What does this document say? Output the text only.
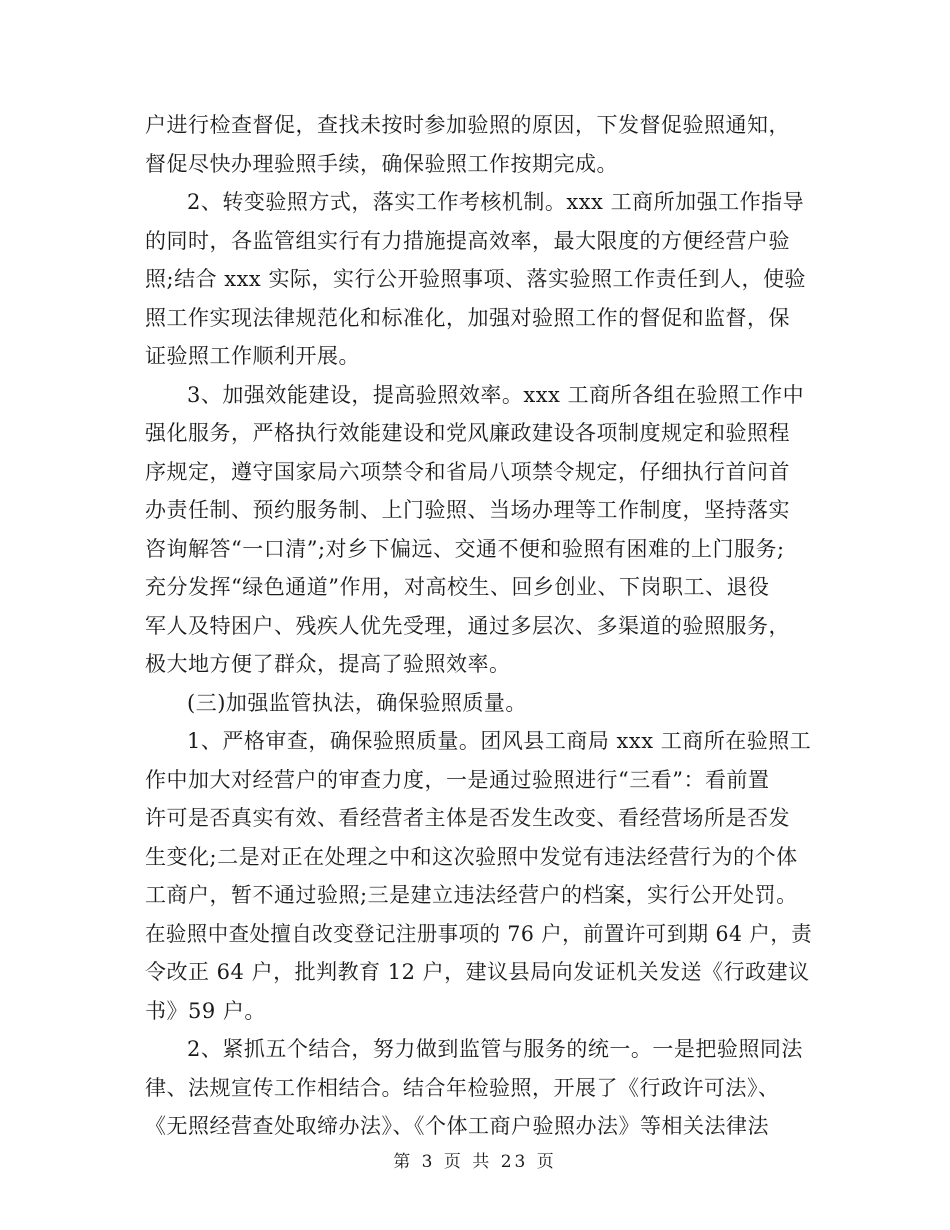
户进行检查督促，查找未按时参加验照的原因，下发督促验照通知，
督促尽快办理验照手续，确保验照工作按期完成。
2、转变验照方式，落实工作考核机制。xxx 工商所加强工作指导
的同时，各监管组实行有力措施提高效率，最大限度的方便经营户验
照;结合 xxx 实际，实行公开验照事项、落实验照工作责任到人，使验
照工作实现法律规范化和标准化，加强对验照工作的督促和监督，保
证验照工作顺利开展。
3、加强效能建设，提高验照效率。xxx 工商所各组在验照工作中
强化服务，严格执行效能建设和党风廉政建设各项制度规定和验照程
序规定，遵守国家局六项禁令和省局八项禁令规定，仔细执行首问首
办责任制、预约服务制、上门验照、当场办理等工作制度，坚持落实
咨询解答“一口清”;对乡下偏远、交通不便和验照有困难的上门服务;
充分发挥“绿色通道”作用，对高校生、回乡创业、下岗职工、退役
军人及特困户、残疾人优先受理，通过多层次、多渠道的验照服务，
极大地方便了群众，提高了验照效率。
(三)加强监管执法，确保验照质量。
1、严格审查，确保验照质量。团风县工商局 xxx 工商所在验照工
作中加大对经营户的审查力度，一是通过验照进行“三看”：看前置
许可是否真实有效、看经营者主体是否发生改变、看经营场所是否发
生变化;二是对正在处理之中和这次验照中发觉有违法经营行为的个体
工商户，暂不通过验照;三是建立违法经营户的档案，实行公开处罚。
在验照中查处擅自改变登记注册事项的 76 户，前置许可到期 64 户，责
令改正 64 户，批判教育 12 户，建议县局向发证机关发送《行政建议
书》59 户。
2、紧抓五个结合，努力做到监管与服务的统一。一是把验照同法
律、法规宣传工作相结合。结合年检验照，开展了《行政许可法》、
《无照经营查处取缔办法》、《个体工商户验照办法》等相关法律法
第 3 页 共 23 页
